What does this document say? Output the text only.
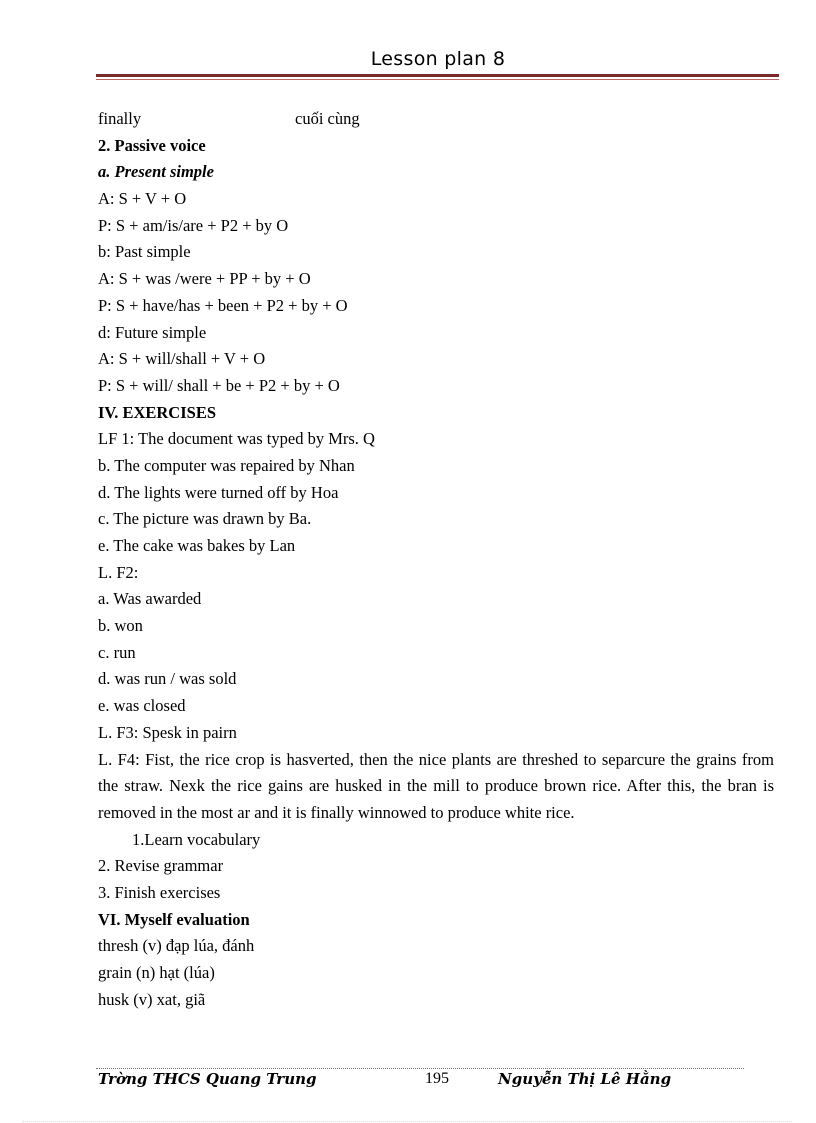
Lesson plan 8
finally	cuối cùng
2. Passive voice
a. Present simple
A: S + V + O
P: S + am/is/are + P2 + by O
b: Past simple
A: S + was /were + PP + by + O
P: S + have/has + been + P2 + by + O
d: Future simple
A: S + will/shall + V + O
P: S + will/ shall + be + P2 + by + O
IV. EXERCISES
LF 1: The document was typed by Mrs. Q
b. The computer was repaired by Nhan
d. The lights were turned off by Hoa
c. The picture was drawn by Ba.
e. The cake was bakes by Lan
L. F2:
a. Was awarded
b. won
c. run
d. was run / was sold
e. was closed
L. F3: Spesk in pairn

L. F4: Fist, the rice crop is hasverted, then the nice plants are threshed to separcure the grains from the straw. Nexk the rice gains are husked in the mill to produce brown rice. After this, the bran is removed in the most ar and it is finally winnowed to produce white rice.

1.Learn vocabulary
2. Revise grammar
3. Finish exercises
VI. Myself evaluation
thresh (v) đạp lúa, đánh
grain (n) hạt (lúa)
husk (v) xat, giã
Trờng THCS Quang Trung	195	Nguyễn Thị Lê Hằng
